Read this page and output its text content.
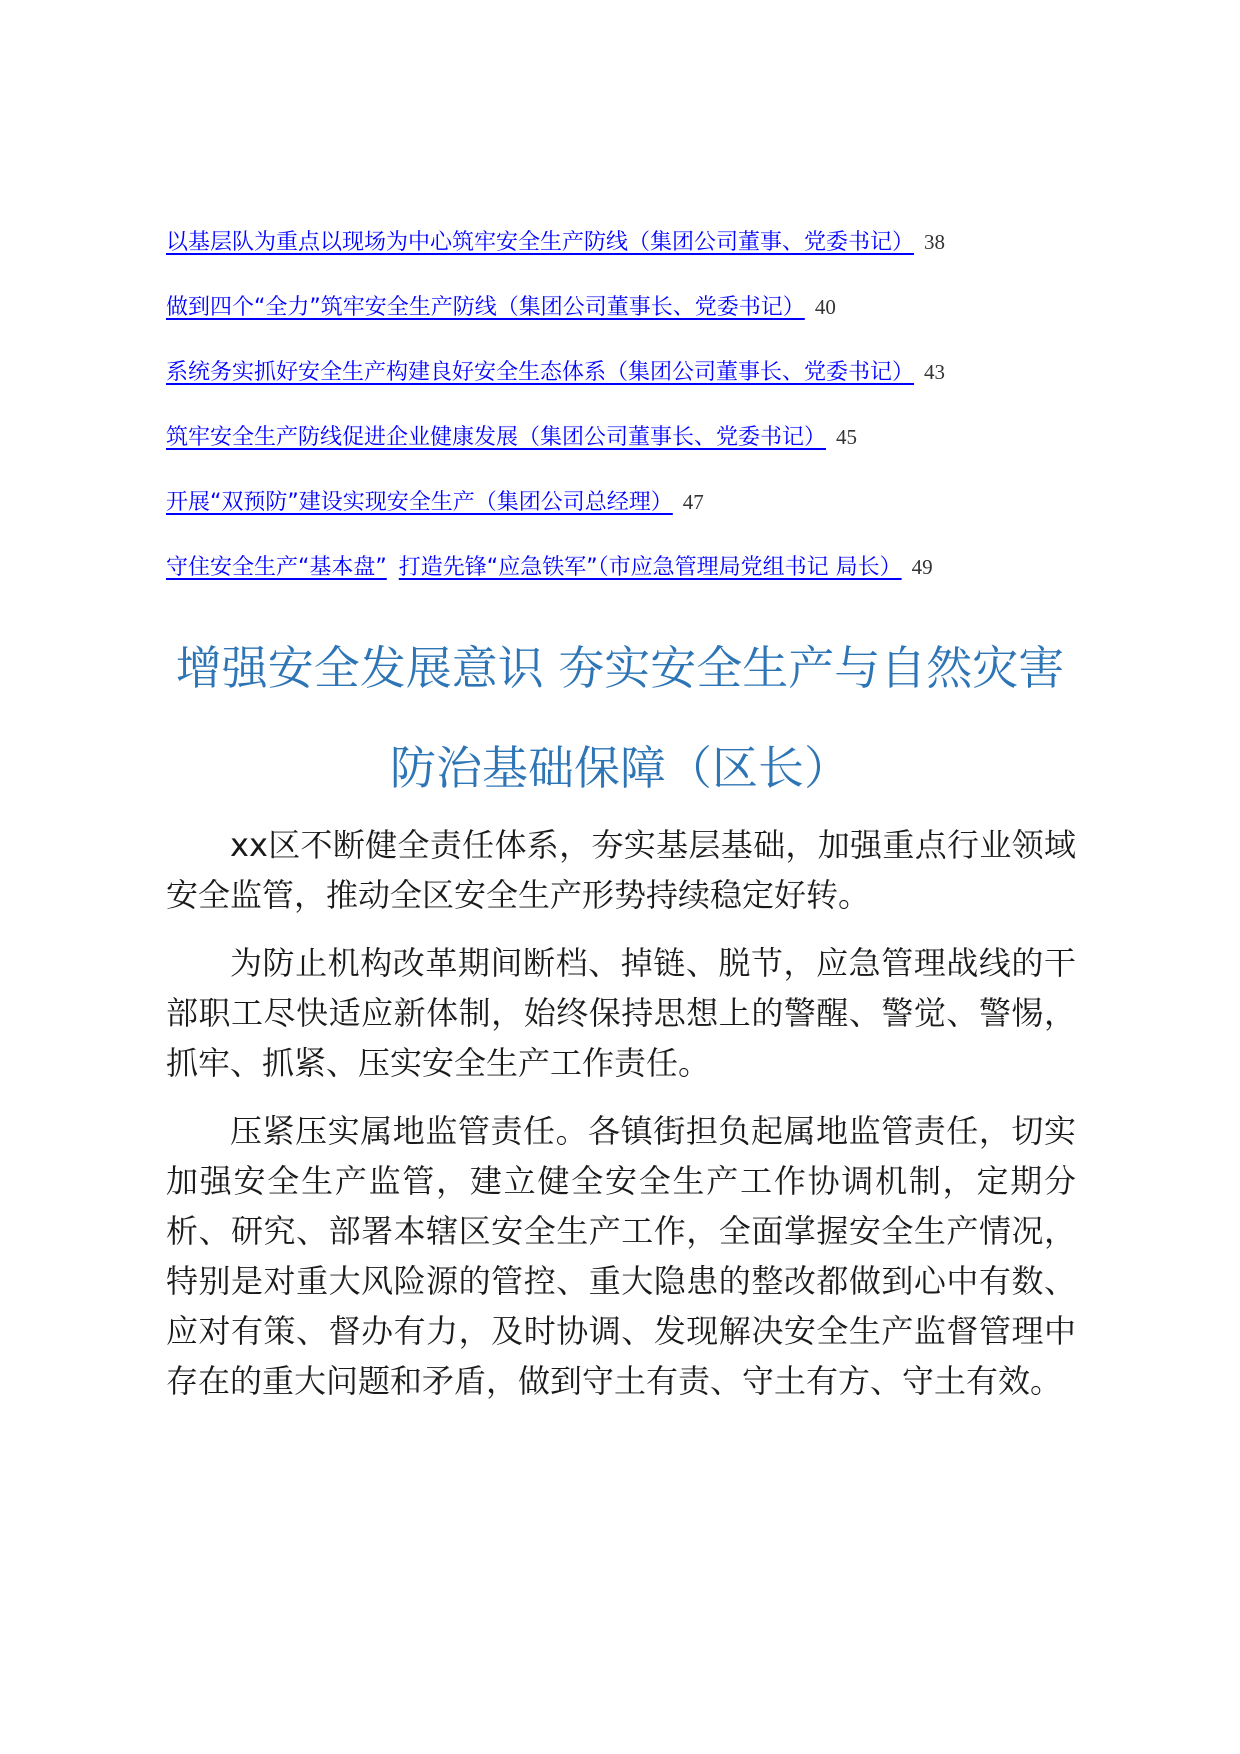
以基层队为重点以现场为中心筑牢安全生产防线（集团公司董事、党委书记） 38
做到四个“全力”筑牢安全生产防线（集团公司董事长、党委书记） 40
系统务实抓好安全生产构建良好安全生态体系（集团公司董事长、党委书记） 43
筑牢安全生产防线促进企业健康发展（集团公司董事长、党委书记） 45
开展“双预防”建设实现安全生产（集团公司总经理） 47
守住安全生产“基本盘” 打造先锋“应急铁军”（市应急管理局党组书记 局长） 49
增强安全发展意识 夯实安全生产与自然灾害
防治基础保障（区长）

xx区不断健全责任体系，夯实基层基础，加强重点行业领域安全监管，推动全区安全生产形势持续稳定好转。

为防止机构改革期间断档、掉链、脱节，应急管理战线的干部职工尽快适应新体制，始终保持思想上的警醒、警觉、警惕，抓牢、抓紧、压实安全生产工作责任。

压紧压实属地监管责任。各镇街担负起属地监管责任，切实加强安全生产监管，建立健全安全生产工作协调机制，定期分析、研究、部署本辖区安全生产工作，全面掌握安全生产情况，特别是对重大风险源的管控、重大隐患的整改都做到心中有数、应对有策、督办有力，及时协调、发现解决安全生产监督管理中存在的重大问题和矛盾，做到守土有责、守土有方、守土有效。
